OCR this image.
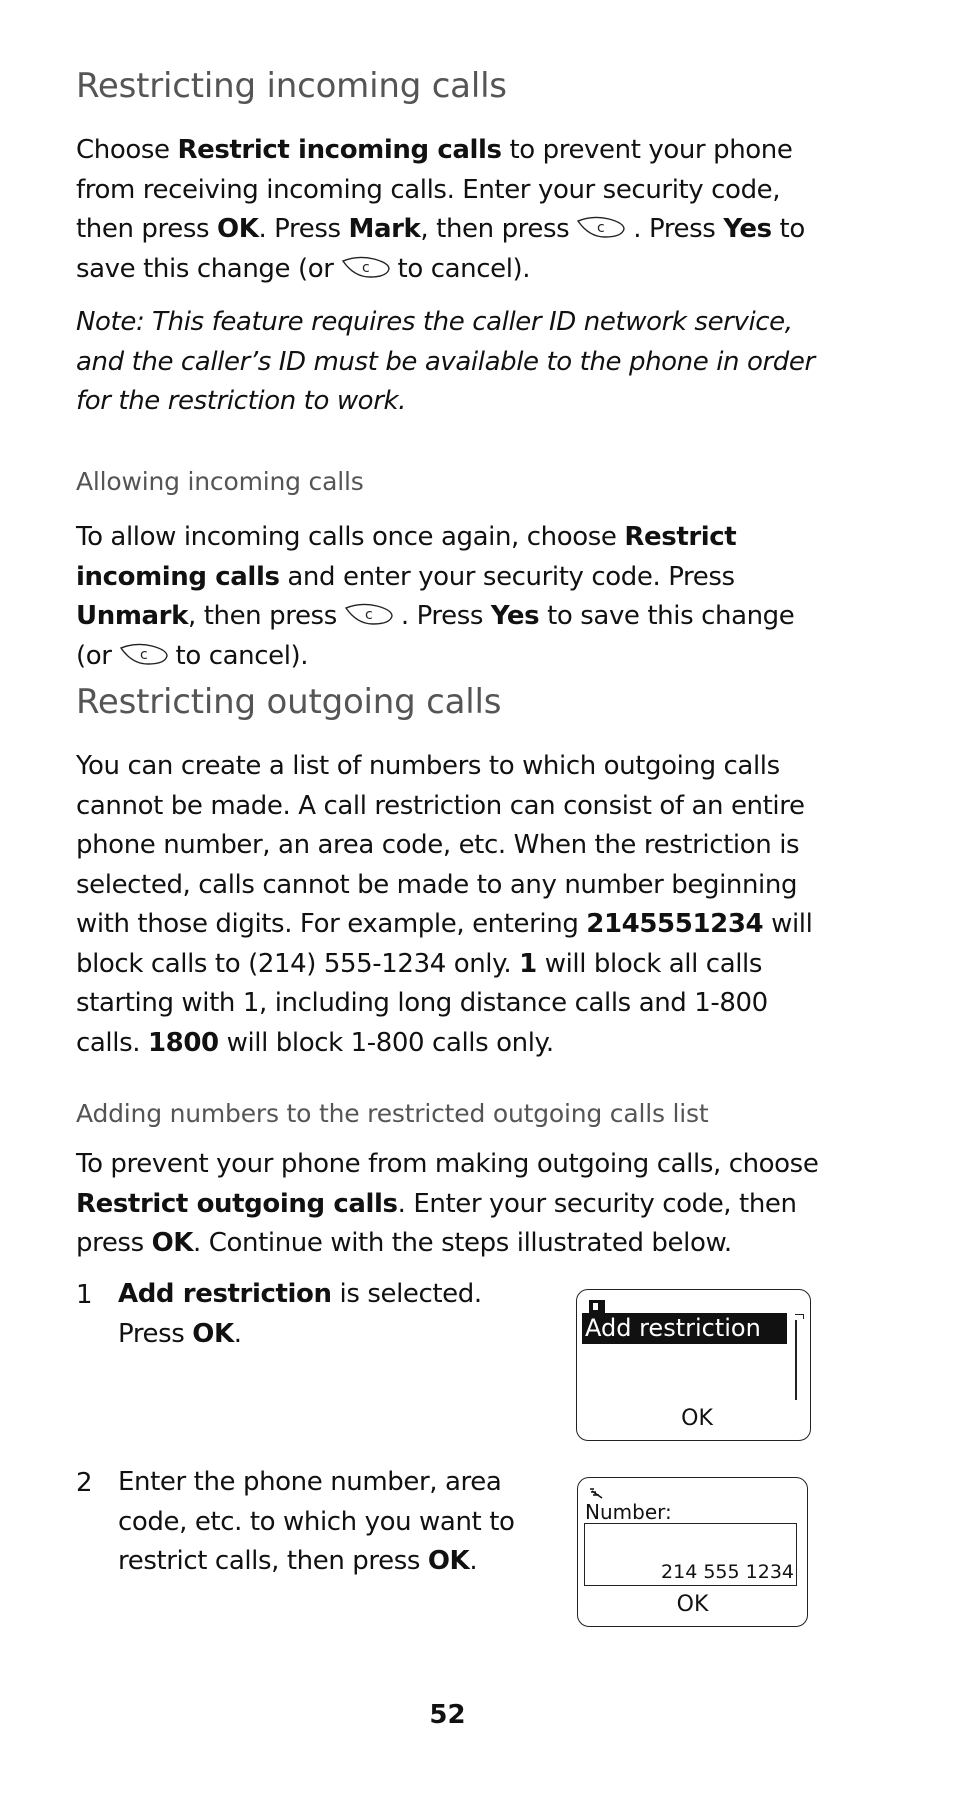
Restricting incoming calls

Choose Restrict incoming calls to prevent your phone from receiving incoming calls. Enter your security code, then press OK. Press Mark, then press c . Press Yes to save this change (or c to cancel).

Note: This feature requires the caller ID network service, and the caller’s ID must be available to the phone in order for the restriction to work.

Allowing incoming calls

To allow incoming calls once again, choose Restrict incoming calls and enter your security code. Press Unmark, then press c . Press Yes to save this change (or c to cancel).

Restricting outgoing calls

You can create a list of numbers to which outgoing calls cannot be made. A call restriction can consist of an entire phone number, an area code, etc. When the restriction is selected, calls cannot be made to any number beginning with those digits. For example, entering 2145551234 will block calls to (214) 555-1234 only. 1 will block all calls starting with 1, including long distance calls and 1-800 calls. 1800 will block 1-800 calls only.

Adding numbers to the restricted outgoing calls list

To prevent your phone from making outgoing calls, choose Restrict outgoing calls. Enter your security code, then press OK. Continue with the steps illustrated below.

1 Add restriction is selected.
Press OK.	Add restriction
OK
2 Enter the phone number, area code, etc. to which you want to restrict calls, then press OK.

Number:
214 555 1234
OK
52
